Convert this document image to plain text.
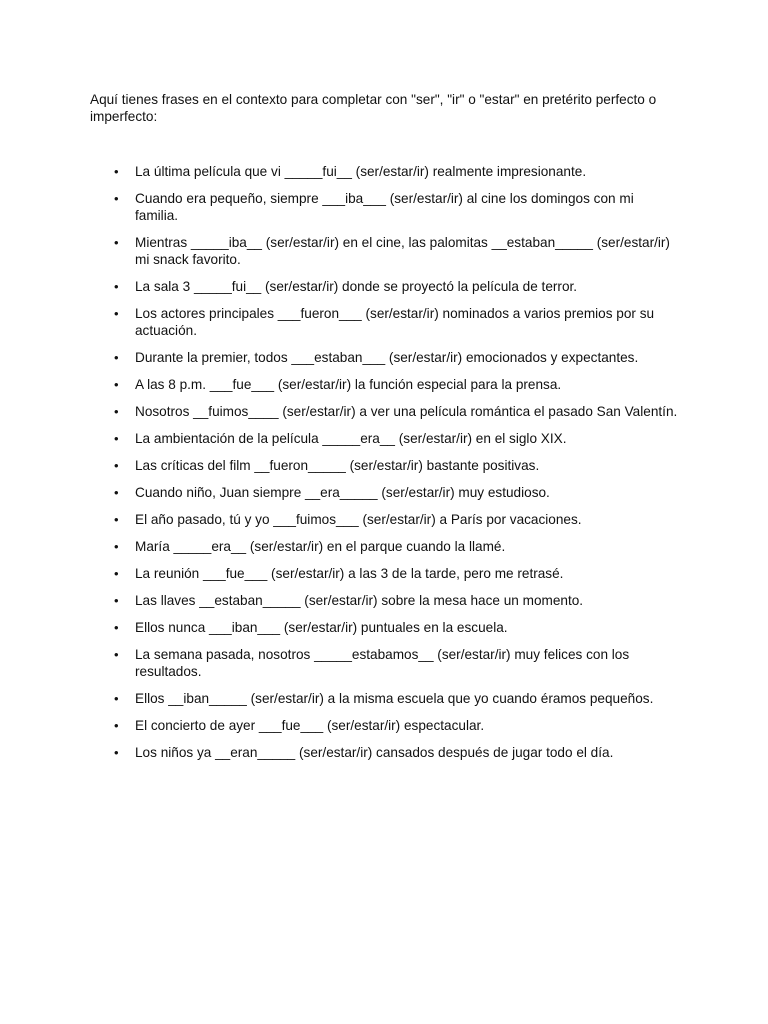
Aquí tienes frases en el contexto para completar con "ser", "ir" o "estar" en pretérito perfecto o imperfecto:

• La última película que vi _____fui__ (ser/estar/ir) realmente impresionante.
• Cuando era pequeño, siempre ___iba___ (ser/estar/ir) al cine los domingos con mi familia.
• Mientras _____iba__ (ser/estar/ir) en el cine, las palomitas __estaban_____ (ser/estar/ir) mi snack favorito.
• La sala 3 _____fui__ (ser/estar/ir) donde se proyectó la película de terror.
• Los actores principales ___fueron___ (ser/estar/ir) nominados a varios premios por su actuación.
• Durante la premier, todos ___estaban___ (ser/estar/ir) emocionados y expectantes.
• A las 8 p.m. ___fue___ (ser/estar/ir) la función especial para la prensa.
• Nosotros __fuimos____ (ser/estar/ir) a ver una película romántica el pasado San Valentín.
• La ambientación de la película _____era__ (ser/estar/ir) en el siglo XIX.
• Las críticas del film __fueron_____ (ser/estar/ir) bastante positivas.
• Cuando niño, Juan siempre __era_____ (ser/estar/ir) muy estudioso.
• El año pasado, tú y yo ___fuimos___ (ser/estar/ir) a París por vacaciones.
• María _____era__ (ser/estar/ir) en el parque cuando la llamé.
• La reunión ___fue___ (ser/estar/ir) a las 3 de la tarde, pero me retrasé.
• Las llaves __estaban_____ (ser/estar/ir) sobre la mesa hace un momento.
• Ellos nunca ___iban___ (ser/estar/ir) puntuales en la escuela.
• La semana pasada, nosotros _____estabamos__ (ser/estar/ir) muy felices con los resultados.
• Ellos __iban_____ (ser/estar/ir) a la misma escuela que yo cuando éramos pequeños.
• El concierto de ayer ___fue___ (ser/estar/ir) espectacular.
• Los niños ya __eran_____ (ser/estar/ir) cansados después de jugar todo el día.
